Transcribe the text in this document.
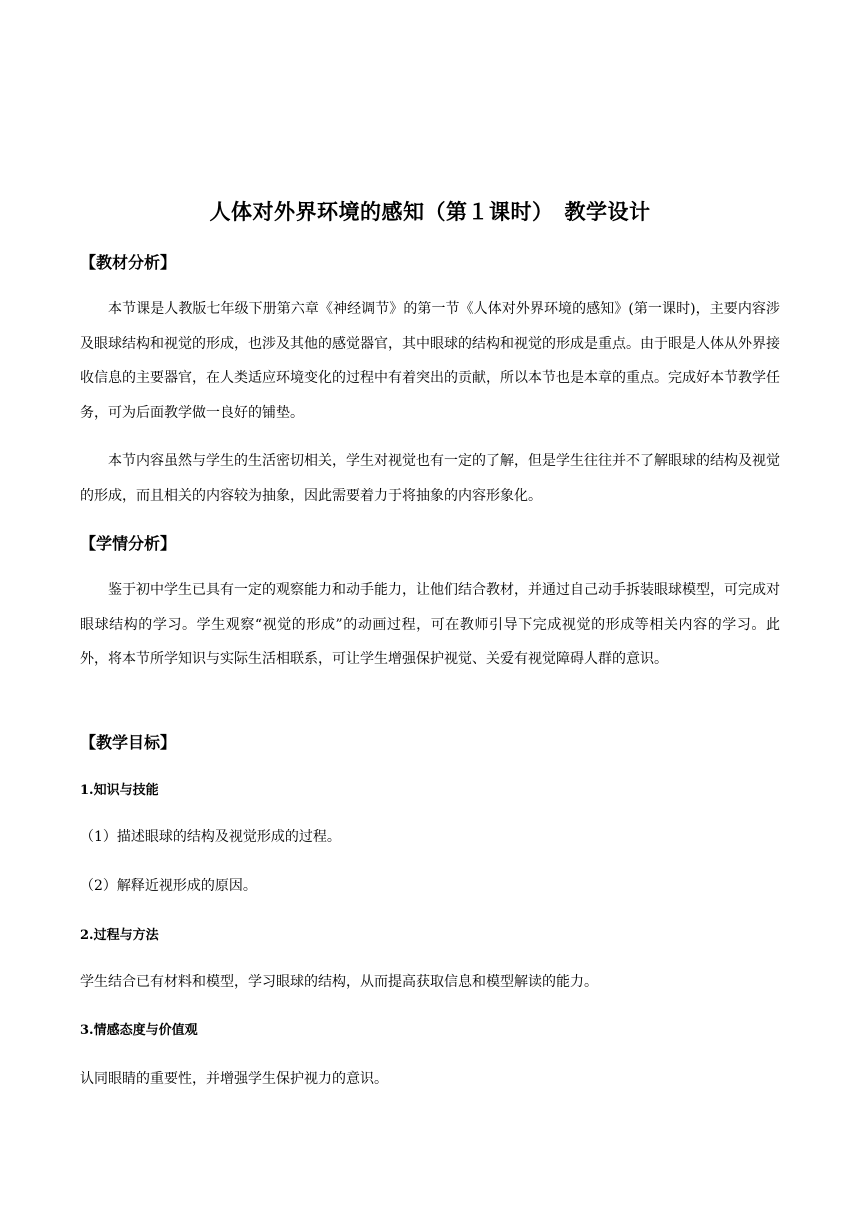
人体对外界环境的感知（第１课时）　教学设计
【教材分析】
本节课是人教版七年级下册第六章《神经调节》的第一节《人体对外界环境的感知》(第一课时)，主要内容涉及眼球结构和视觉的形成，也涉及其他的感觉器官，其中眼球的结构和视觉的形成是重点。由于眼是人体从外界接收信息的主要器官，在人类适应环境变化的过程中有着突出的贡献，所以本节也是本章的重点。完成好本节教学任务，可为后面教学做一良好的铺垫。
本节内容虽然与学生的生活密切相关，学生对视觉也有一定的了解，但是学生往往并不了解眼球的结构及视觉的形成，而且相关的内容较为抽象，因此需要着力于将抽象的内容形象化。
【学情分析】
鉴于初中学生已具有一定的观察能力和动手能力，让他们结合教材，并通过自己动手拆装眼球模型，可完成对眼球结构的学习。学生观察“视觉的形成”的动画过程，可在教师引导下完成视觉的形成等相关内容的学习。此外，将本节所学知识与实际生活相联系，可让学生增强保护视觉、关爱有视觉障碍人群的意识。
【教学目标】
1.知识与技能
（1）描述眼球的结构及视觉形成的过程。
（2）解释近视形成的原因。
2.过程与方法
学生结合已有材料和模型，学习眼球的结构，从而提高获取信息和模型解读的能力。
3.情感态度与价值观
认同眼睛的重要性，并增强学生保护视力的意识。
